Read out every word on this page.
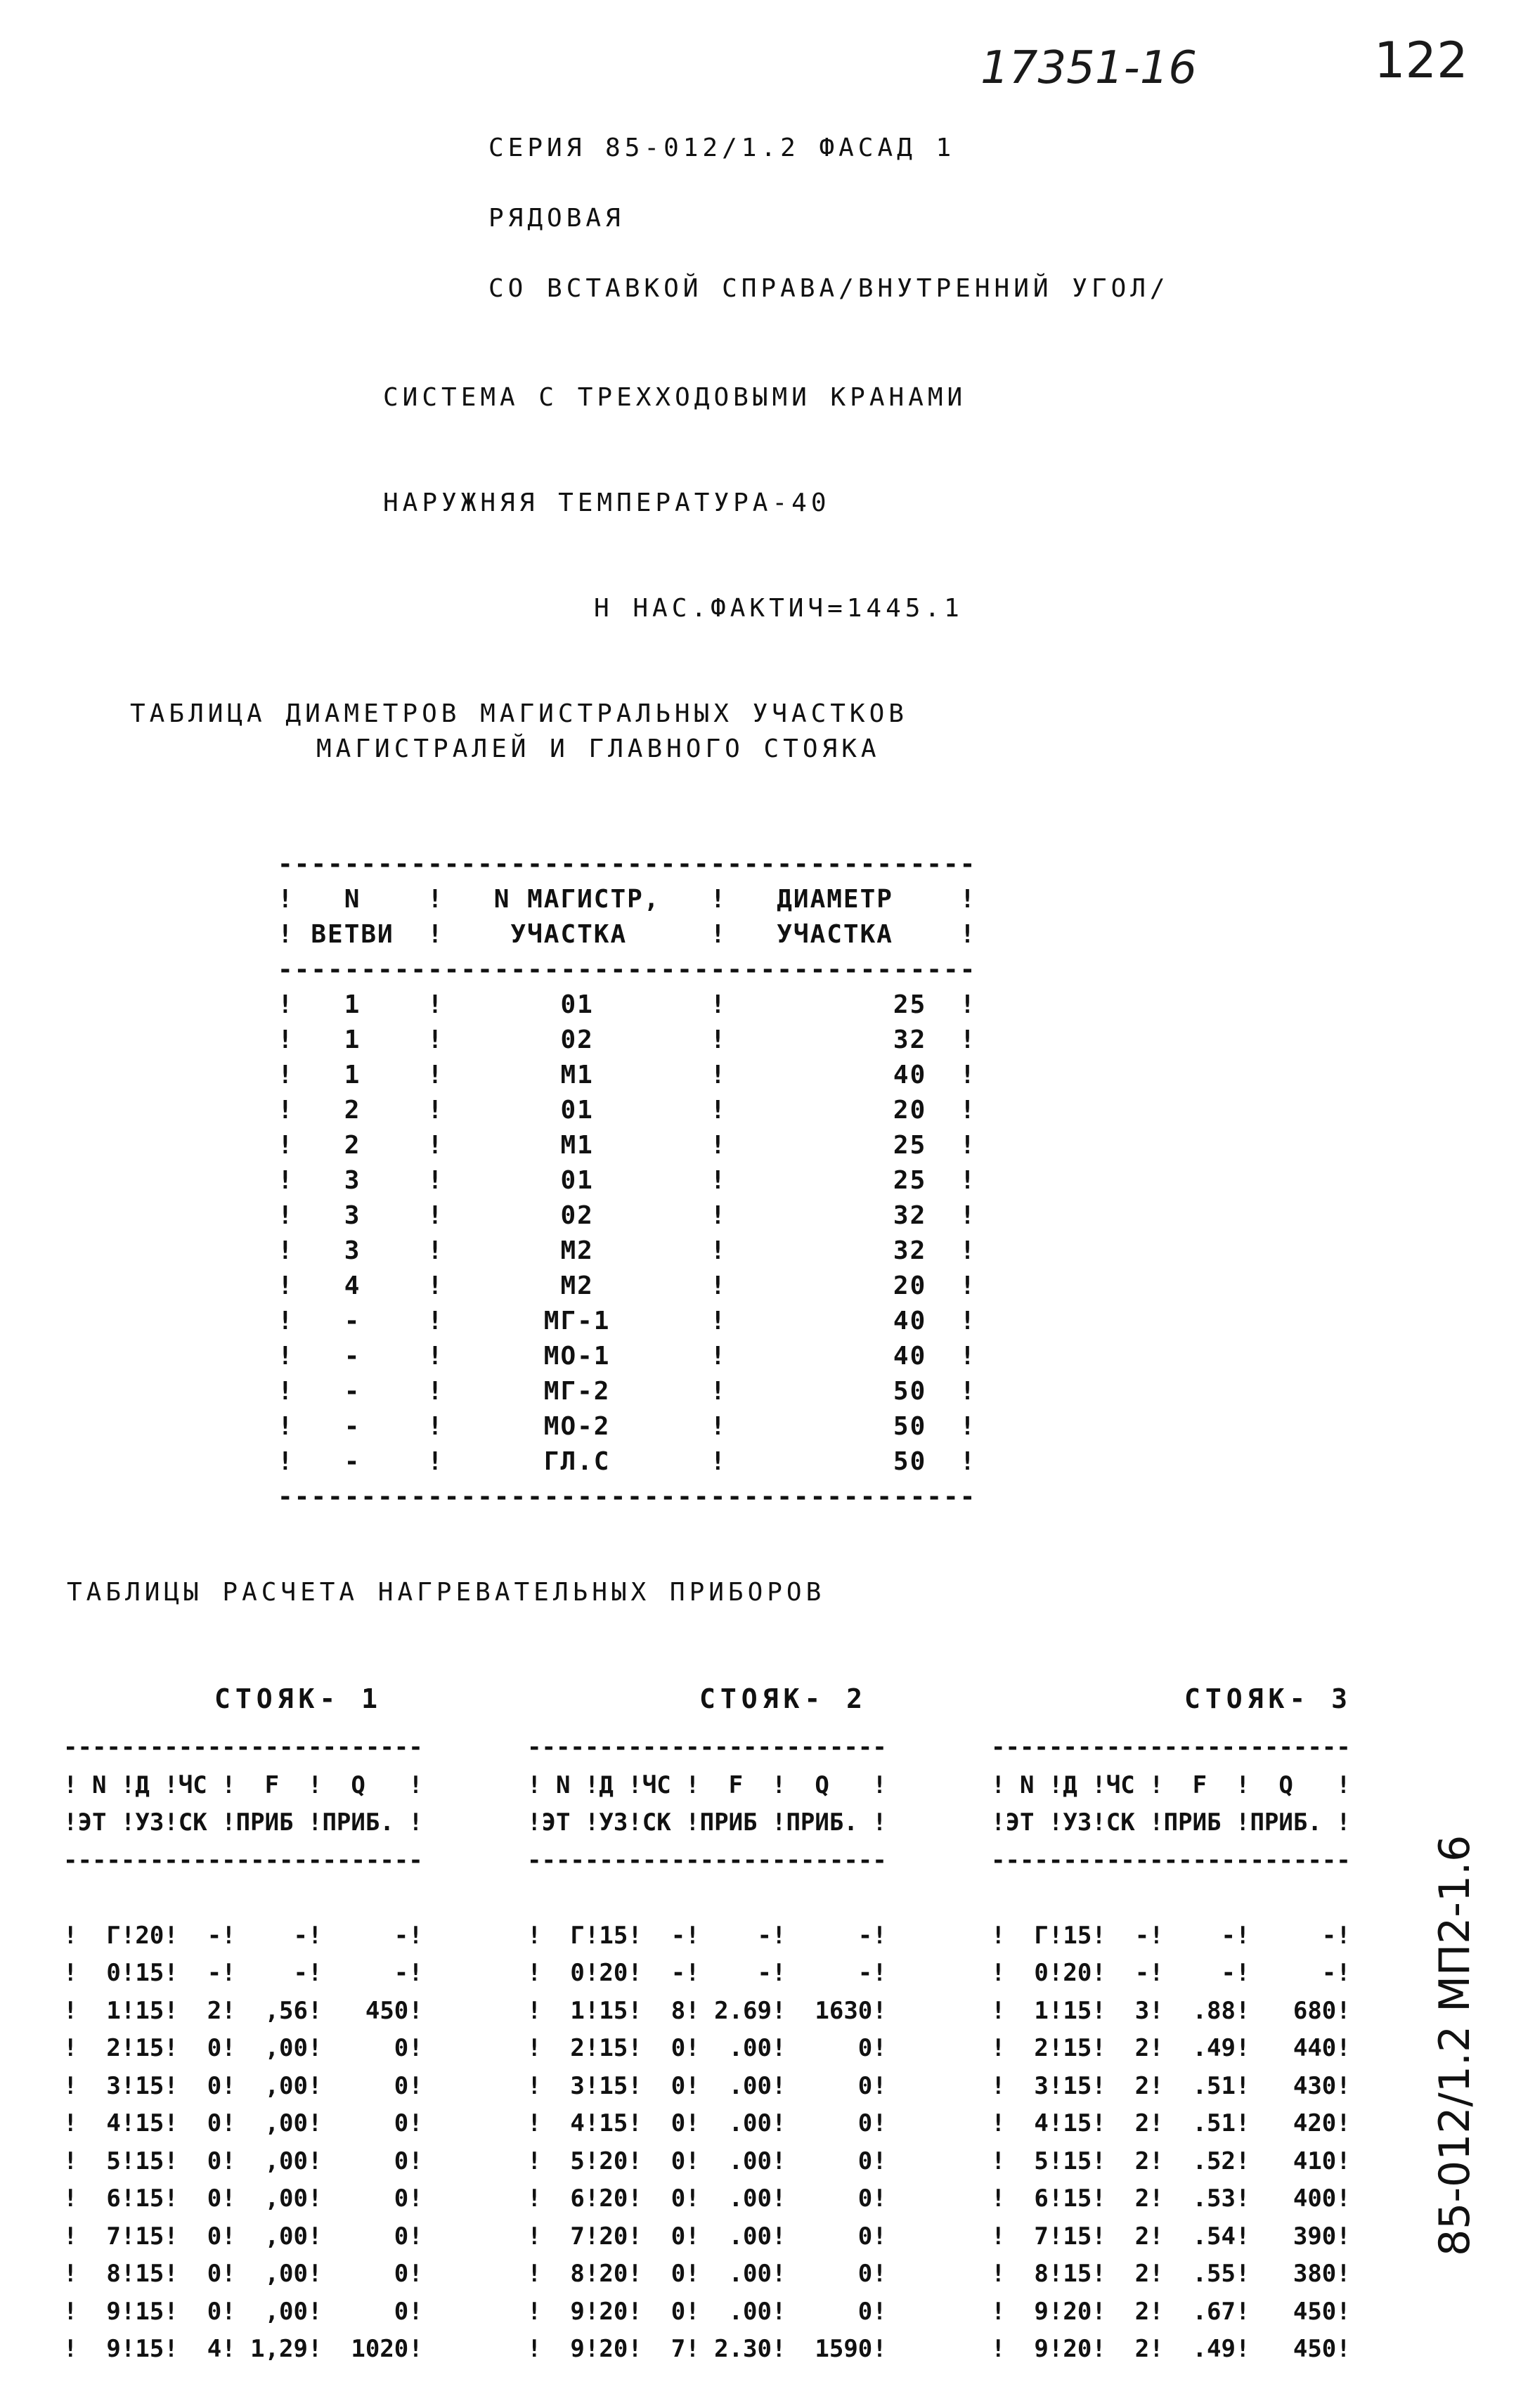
17351-16	122
85-012/1.2 МП2-1.6
СЕРИЯ 85-012/1.2 ФАСАД 1
РЯДОВАЯ
СО ВСТАВКОЙ СПРАВА/ВНУТРЕННИЙ УГОЛ/
СИСТЕМА С ТРЕХХОДОВЫМИ КРАНАМИ
НАРУЖНЯЯ ТЕМПЕРАТУРА-40
Н НАС.ФАКТИЧ=1445.1
ТАБЛИЦА ДИАМЕТРОВ МАГИСТРАЛЬНЫХ УЧАСТКОВ
МАГИСТРАЛЕЙ И ГЛАВНОГО СТОЯКА
------------------------------------------
!   N    !   N МАГИСТР,   !   ДИАМЕТР    !
! ВЕТВИ  !    УЧАСТКА     !   УЧАСТКА    !
------------------------------------------
!   1    !       01       !          25  !
!   1    !       02       !          32  !
!   1    !       М1       !          40  !
!   2    !       01       !          20  !
!   2    !       М1       !          25  !
!   3    !       01       !          25  !
!   3    !       02       !          32  !
!   3    !       М2       !          32  !
!   4    !       М2       !          20  !
!   -    !      МГ-1      !          40  !
!   -    !      МО-1      !          40  !
!   -    !      МГ-2      !          50  !
!   -    !      МО-2      !          50  !
!   -    !      ГЛ.С      !          50  !
------------------------------------------

ТАБЛИЦЫ РАСЧЕТА НАГРЕВАТЕЛЬНЫХ ПРИБОРОВ
СТОЯК- 1	СТОЯК- 2	СТОЯК- 3
-------------------------
! N !Д !ЧС !  F  !  Q   !
!ЭТ !УЗ!СК !ПРИБ !ПРИБ. !
-------------------------

!  Г!20!  -!    -!     -!
!  0!15!  -!    -!     -!
!  1!15!  2!  ,56!   450!
!  2!15!  0!  ,00!     0!
!  3!15!  0!  ,00!     0!
!  4!15!  0!  ,00!     0!
!  5!15!  0!  ,00!     0!
!  6!15!  0!  ,00!     0!
!  7!15!  0!  ,00!     0!
!  8!15!  0!  ,00!     0!
!  9!15!  0!  ,00!     0!
!  9!15!  4! 1,29!  1020!

-------------------------
! N !Д !ЧС !  F  !  Q   !
!ЭТ !УЗ!СК !ПРИБ !ПРИБ. !
-------------------------

!  Г!15!  -!    -!     -!
!  0!20!  -!    -!     -!
!  1!15!  8! 2.69!  1630!
!  2!15!  0!  .00!     0!
!  3!15!  0!  .00!     0!
!  4!15!  0!  .00!     0!
!  5!20!  0!  .00!     0!
!  6!20!  0!  .00!     0!
!  7!20!  0!  .00!     0!
!  8!20!  0!  .00!     0!
!  9!20!  0!  .00!     0!
!  9!20!  7! 2.30!  1590!

-------------------------
! N !Д !ЧС !  F  !  Q   !
!ЭТ !УЗ!СК !ПРИБ !ПРИБ. !
-------------------------

!  Г!15!  -!    -!     -!
!  0!20!  -!    -!     -!
!  1!15!  3!  .88!   680!
!  2!15!  2!  .49!   440!
!  3!15!  2!  .51!   430!
!  4!15!  2!  .51!   420!
!  5!15!  2!  .52!   410!
!  6!15!  2!  .53!   400!
!  7!15!  2!  .54!   390!
!  8!15!  2!  .55!   380!
!  9!20!  2!  .67!   450!
!  9!20!  2!  .49!   450!
